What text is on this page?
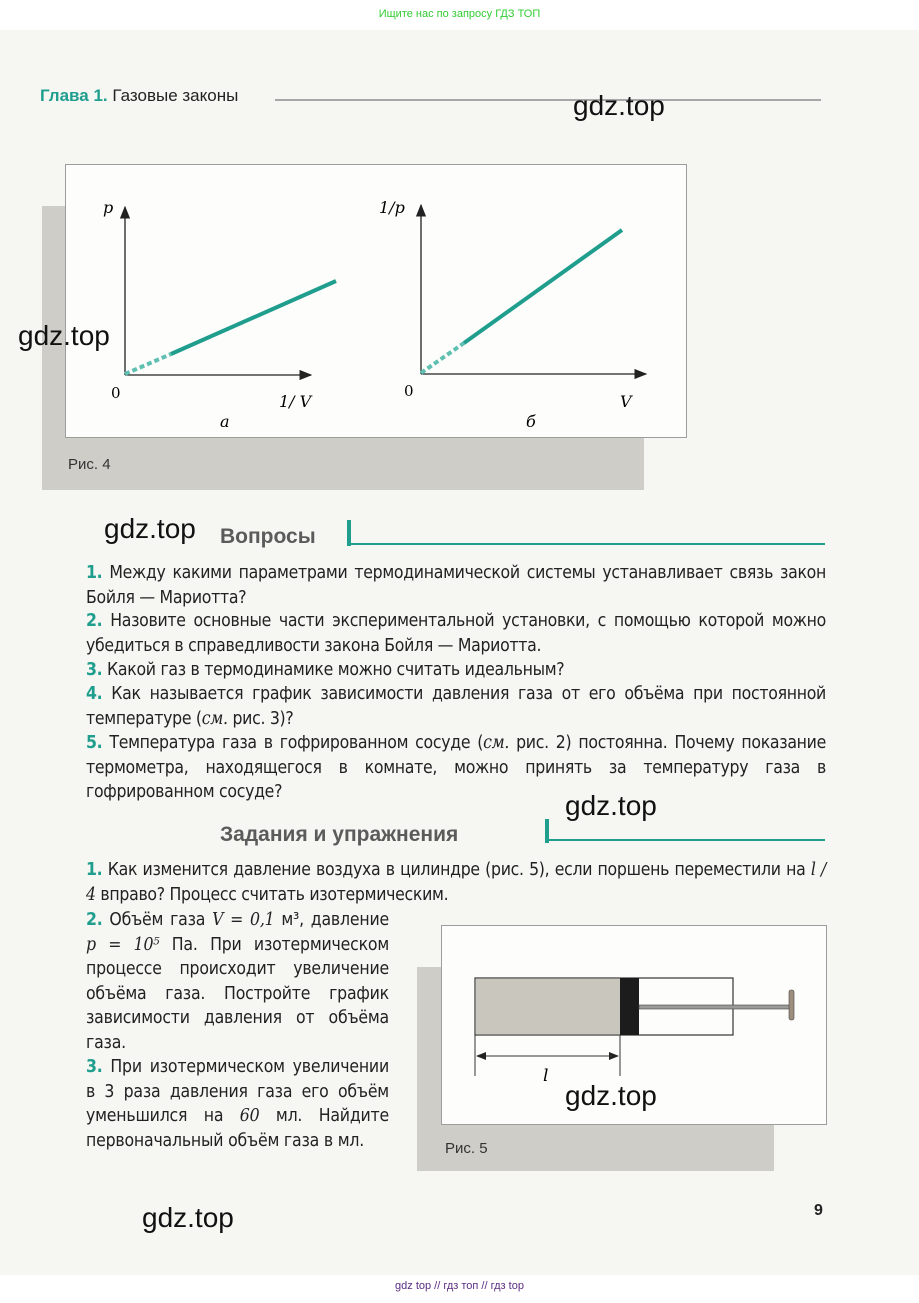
Ищите нас по запросу ГДЗ ТОП
Глава 1. Газовые законы
p
0	1/ V
а
1/p
0
V
б
Рис. 4
Вопросы
1. Между какими параметрами термодинамической системы устанавливает связь закон Бойля — Мариотта?
2. Назовите основные части экспериментальной установки, с помощью которой можно убедиться в справедливости закона Бойля — Мариотта.
3. Какой газ в термодинамике можно считать идеальным?
4. Как называется график зависимости давления газа от его объёма при постоянной температуре (см. рис. 3)?
5. Температура газа в гофрированном сосуде (см. рис. 2) постоянна. Почему показание термометра, находящегося в комнате, можно принять за температуру газа в гофрированном сосуде?
Задания и упражнения
1. Как изменится давление воздуха в цилиндре (рис. 5), если поршень переместили на l / 4 вправо? Процесс считать изотермическим.
2. Объём газа V = 0,1 м³, давление p = 10⁵ Па. При изотермическом процессе происходит увеличение объёма газа. Постройте график зависимости давления от объёма газа.
3. При изотермическом увеличении в 3 раза давления газа его объём уменьшился на 60 мл. Найдите первоначальный объём газа в мл.
l
Рис. 5
9
gdz.top
gdz.top
gdz.top
gdz.top
gdz.top
gdz.top
gdz top // гдз топ // гдз top
